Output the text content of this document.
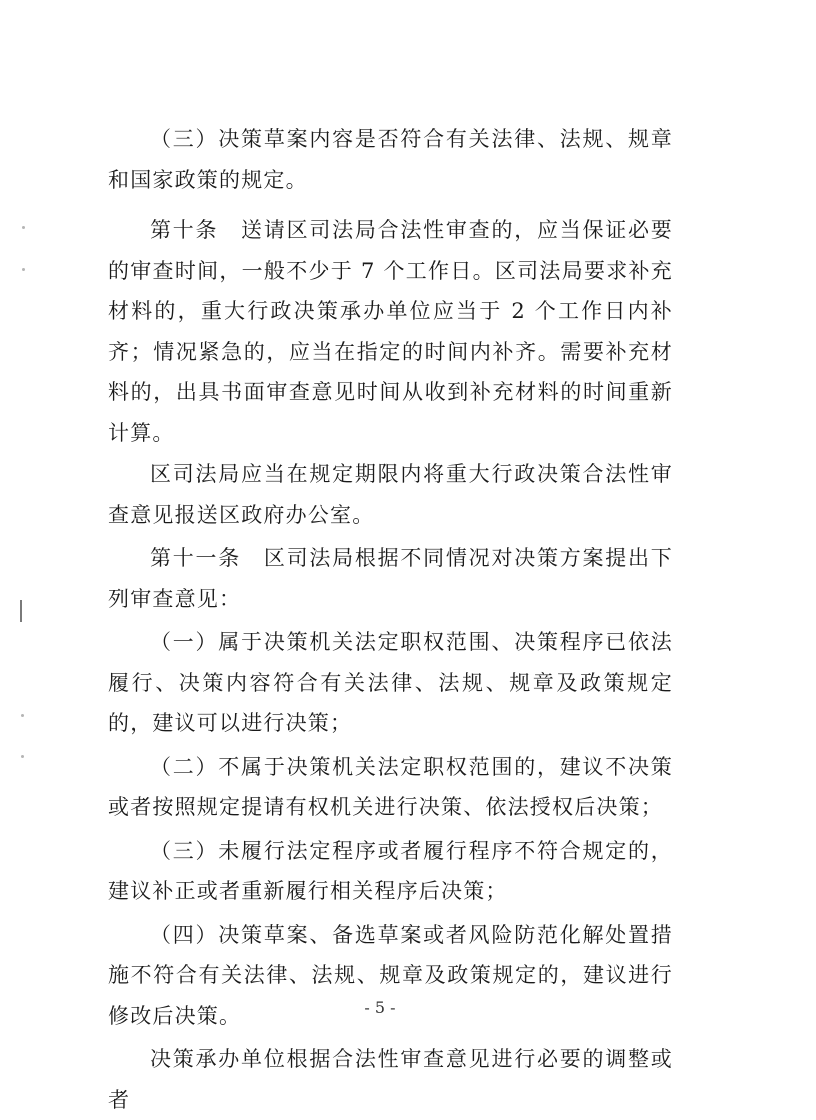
（三）决策草案内容是否符合有关法律、法规、规章和国家政策的规定。

第十条　送请区司法局合法性审查的，应当保证必要的审查时间，一般不少于 7 个工作日。区司法局要求补充材料的，重大行政决策承办单位应当于 2 个工作日内补齐；情况紧急的，应当在指定的时间内补齐。需要补充材料的，出具书面审查意见时间从收到补充材料的时间重新计算。

区司法局应当在规定期限内将重大行政决策合法性审查意见报送区政府办公室。

第十一条　区司法局根据不同情况对决策方案提出下列审查意见：

（一）属于决策机关法定职权范围、决策程序已依法履行、决策内容符合有关法律、法规、规章及政策规定的，建议可以进行决策；

（二）不属于决策机关法定职权范围的，建议不决策或者按照规定提请有权机关进行决策、依法授权后决策；

（三）未履行法定程序或者履行程序不符合规定的，建议补正或者重新履行相关程序后决策；

（四）决策草案、备选草案或者风险防范化解处置措施不符合有关法律、法规、规章及政策规定的，建议进行修改后决策。

决策承办单位根据合法性审查意见进行必要的调整或者

- 5 -
